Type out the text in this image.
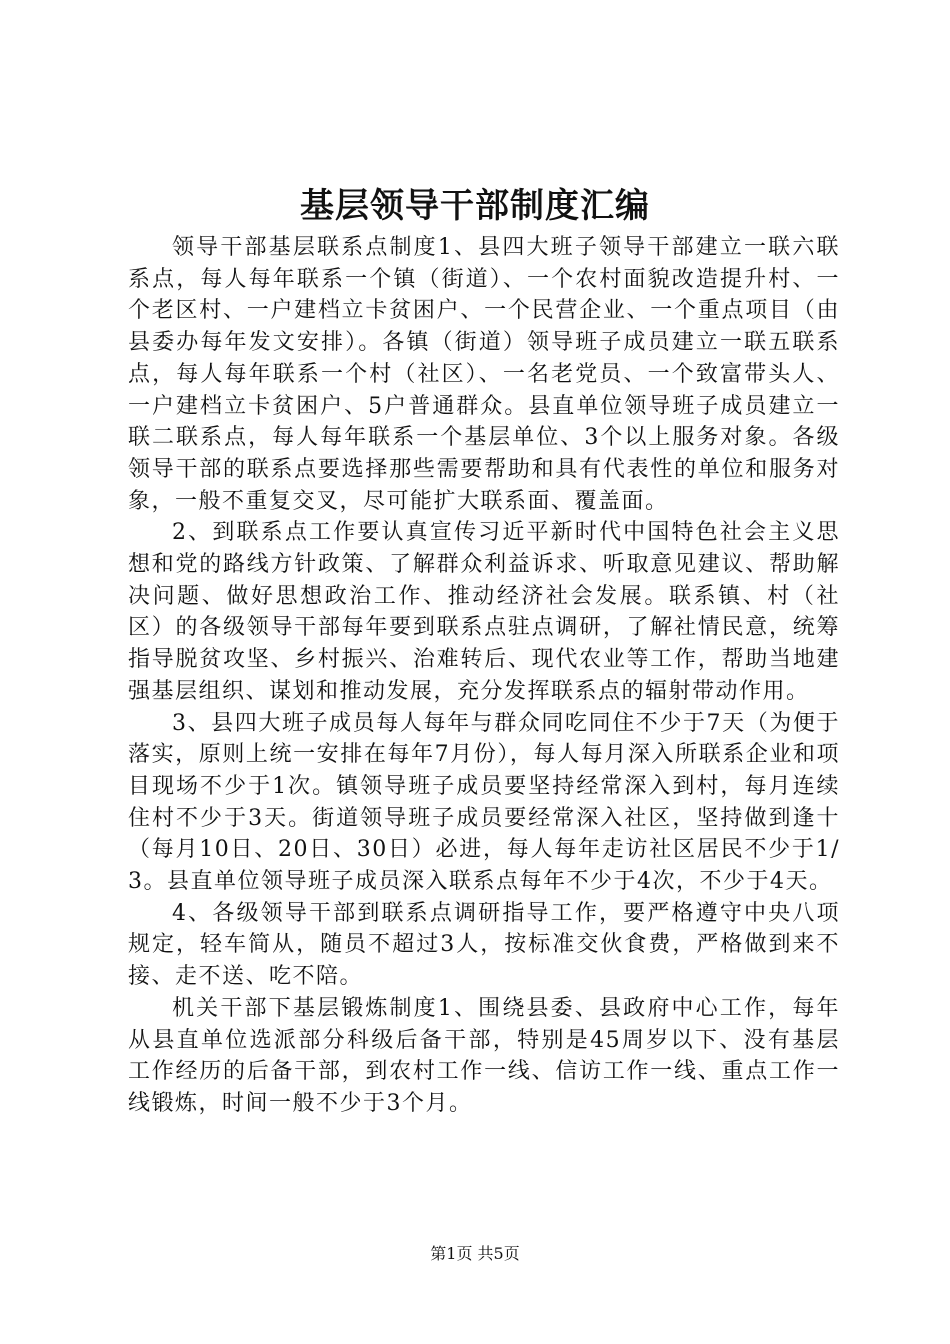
基层领导干部制度汇编

领导干部基层联系点制度1、县四大班子领导干部建立一联六联系点，每人每年联系一个镇（街道）、一个农村面貌改造提升村、一个老区村、一户建档立卡贫困户、一个民营企业、一个重点项目（由县委办每年发文安排）。各镇（街道）领导班子成员建立一联五联系点，每人每年联系一个村（社区）、一名老党员、一个致富带头人、一户建档立卡贫困户、5户普通群众。县直单位领导班子成员建立一联二联系点，每人每年联系一个基层单位、3个以上服务对象。各级领导干部的联系点要选择那些需要帮助和具有代表性的单位和服务对象，一般不重复交叉，尽可能扩大联系面、覆盖面。

2、到联系点工作要认真宣传习近平新时代中国特色社会主义思想和党的路线方针政策、了解群众利益诉求、听取意见建议、帮助解决问题、做好思想政治工作、推动经济社会发展。联系镇、村（社区）的各级领导干部每年要到联系点驻点调研，了解社情民意，统筹指导脱贫攻坚、乡村振兴、治难转后、现代农业等工作，帮助当地建强基层组织、谋划和推动发展，充分发挥联系点的辐射带动作用。

3、县四大班子成员每人每年与群众同吃同住不少于7天（为便于落实，原则上统一安排在每年7月份），每人每月深入所联系企业和项目现场不少于1次。镇领导班子成员要坚持经常深入到村，每月连续住村不少于3天。街道领导班子成员要经常深入社区，坚持做到逢十（每月10日、20日、30日）必进，每人每年走访社区居民不少于1/3。县直单位领导班子成员深入联系点每年不少于4次，不少于4天。

4、各级领导干部到联系点调研指导工作，要严格遵守中央八项规定，轻车简从，随员不超过3人，按标准交伙食费，严格做到来不接、走不送、吃不陪。

机关干部下基层锻炼制度1、围绕县委、县政府中心工作，每年从县直单位选派部分科级后备干部，特别是45周岁以下、没有基层工作经历的后备干部，到农村工作一线、信访工作一线、重点工作一线锻炼，时间一般不少于3个月。

第1页 共5页
